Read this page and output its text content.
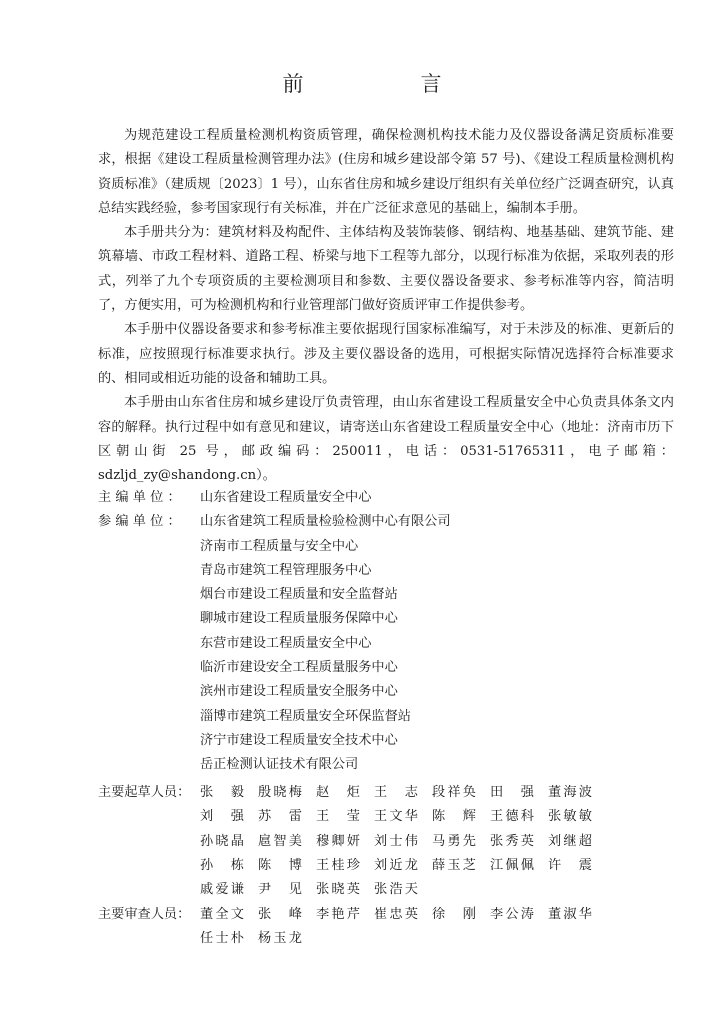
前　言

为规范建设工程质量检测机构资质管理，确保检测机构技术能力及仪器设备满足资质标准要求，根据《建设工程质量检测管理办法》(住房和城乡建设部令第 57 号)、《建设工程质量检测机构资质标准》（建质规〔2023〕1 号），山东省住房和城乡建设厅组织有关单位经广泛调查研究，认真总结实践经验，参考国家现行有关标准，并在广泛征求意见的基础上，编制本手册。

本手册共分为：建筑材料及构配件、主体结构及装饰装修、钢结构、地基基础、建筑节能、建筑幕墙、市政工程材料、道路工程、桥梁与地下工程等九部分，以现行标准为依据，采取列表的形式，列举了九个专项资质的主要检测项目和参数、主要仪器设备要求、参考标准等内容，简洁明了，方便实用，可为检测机构和行业管理部门做好资质评审工作提供参考。

本手册中仪器设备要求和参考标准主要依据现行国家标准编写，对于未涉及的标准、更新后的标准，应按照现行标准要求执行。涉及主要仪器设备的选用，可根据实际情况选择符合标准要求的、相同或相近功能的设备和辅助工具。

本手册由山东省住房和城乡建设厅负责管理，由山东省建设工程质量安全中心负责具体条文内容的解释。执行过程中如有意见和建议，请寄送山东省建设工程质量安全中心（地址：济南市历下区朝山街 25 号，邮政编码：250011，电话：0531-51765311，电子邮箱：sdzljd_zy@shandong.cn）。

主 编 单 位 ： 山东省建设工程质量安全中心
参 编 单 位 ： 山东省建筑工程质量检验检测中心有限公司
济南市工程质量与安全中心
青岛市建筑工程管理服务中心
烟台市建设工程质量和安全监督站
聊城市建设工程质量服务保障中心
东营市建设工程质量安全中心
临沂市建设安全工程质量服务中心
滨州市建设工程质量安全服务中心
淄博市建筑工程质量安全环保监督站
济宁市建设工程质量安全技术中心
岳正检测认证技术有限公司
主要起草人员： 张　毅 殷晓梅 赵　炬 王　志 段祥奂 田　强 董海波
刘　强 苏　雷 王　莹 王文华 陈　辉 王德科 张敏敏
孙晓晶 扈智美 穆卿妍 刘士伟 马勇先 张秀英 刘继超
孙　栋 陈　博 王桂珍 刘近龙 薛玉芝 江佩佩 许　震
戚爱谦 尹　见 张晓英 张浩天
主要审查人员： 董全文 张　峰 李艳芹 崔忠英 徐　刚 李公涛 董淑华
任士朴 杨玉龙
